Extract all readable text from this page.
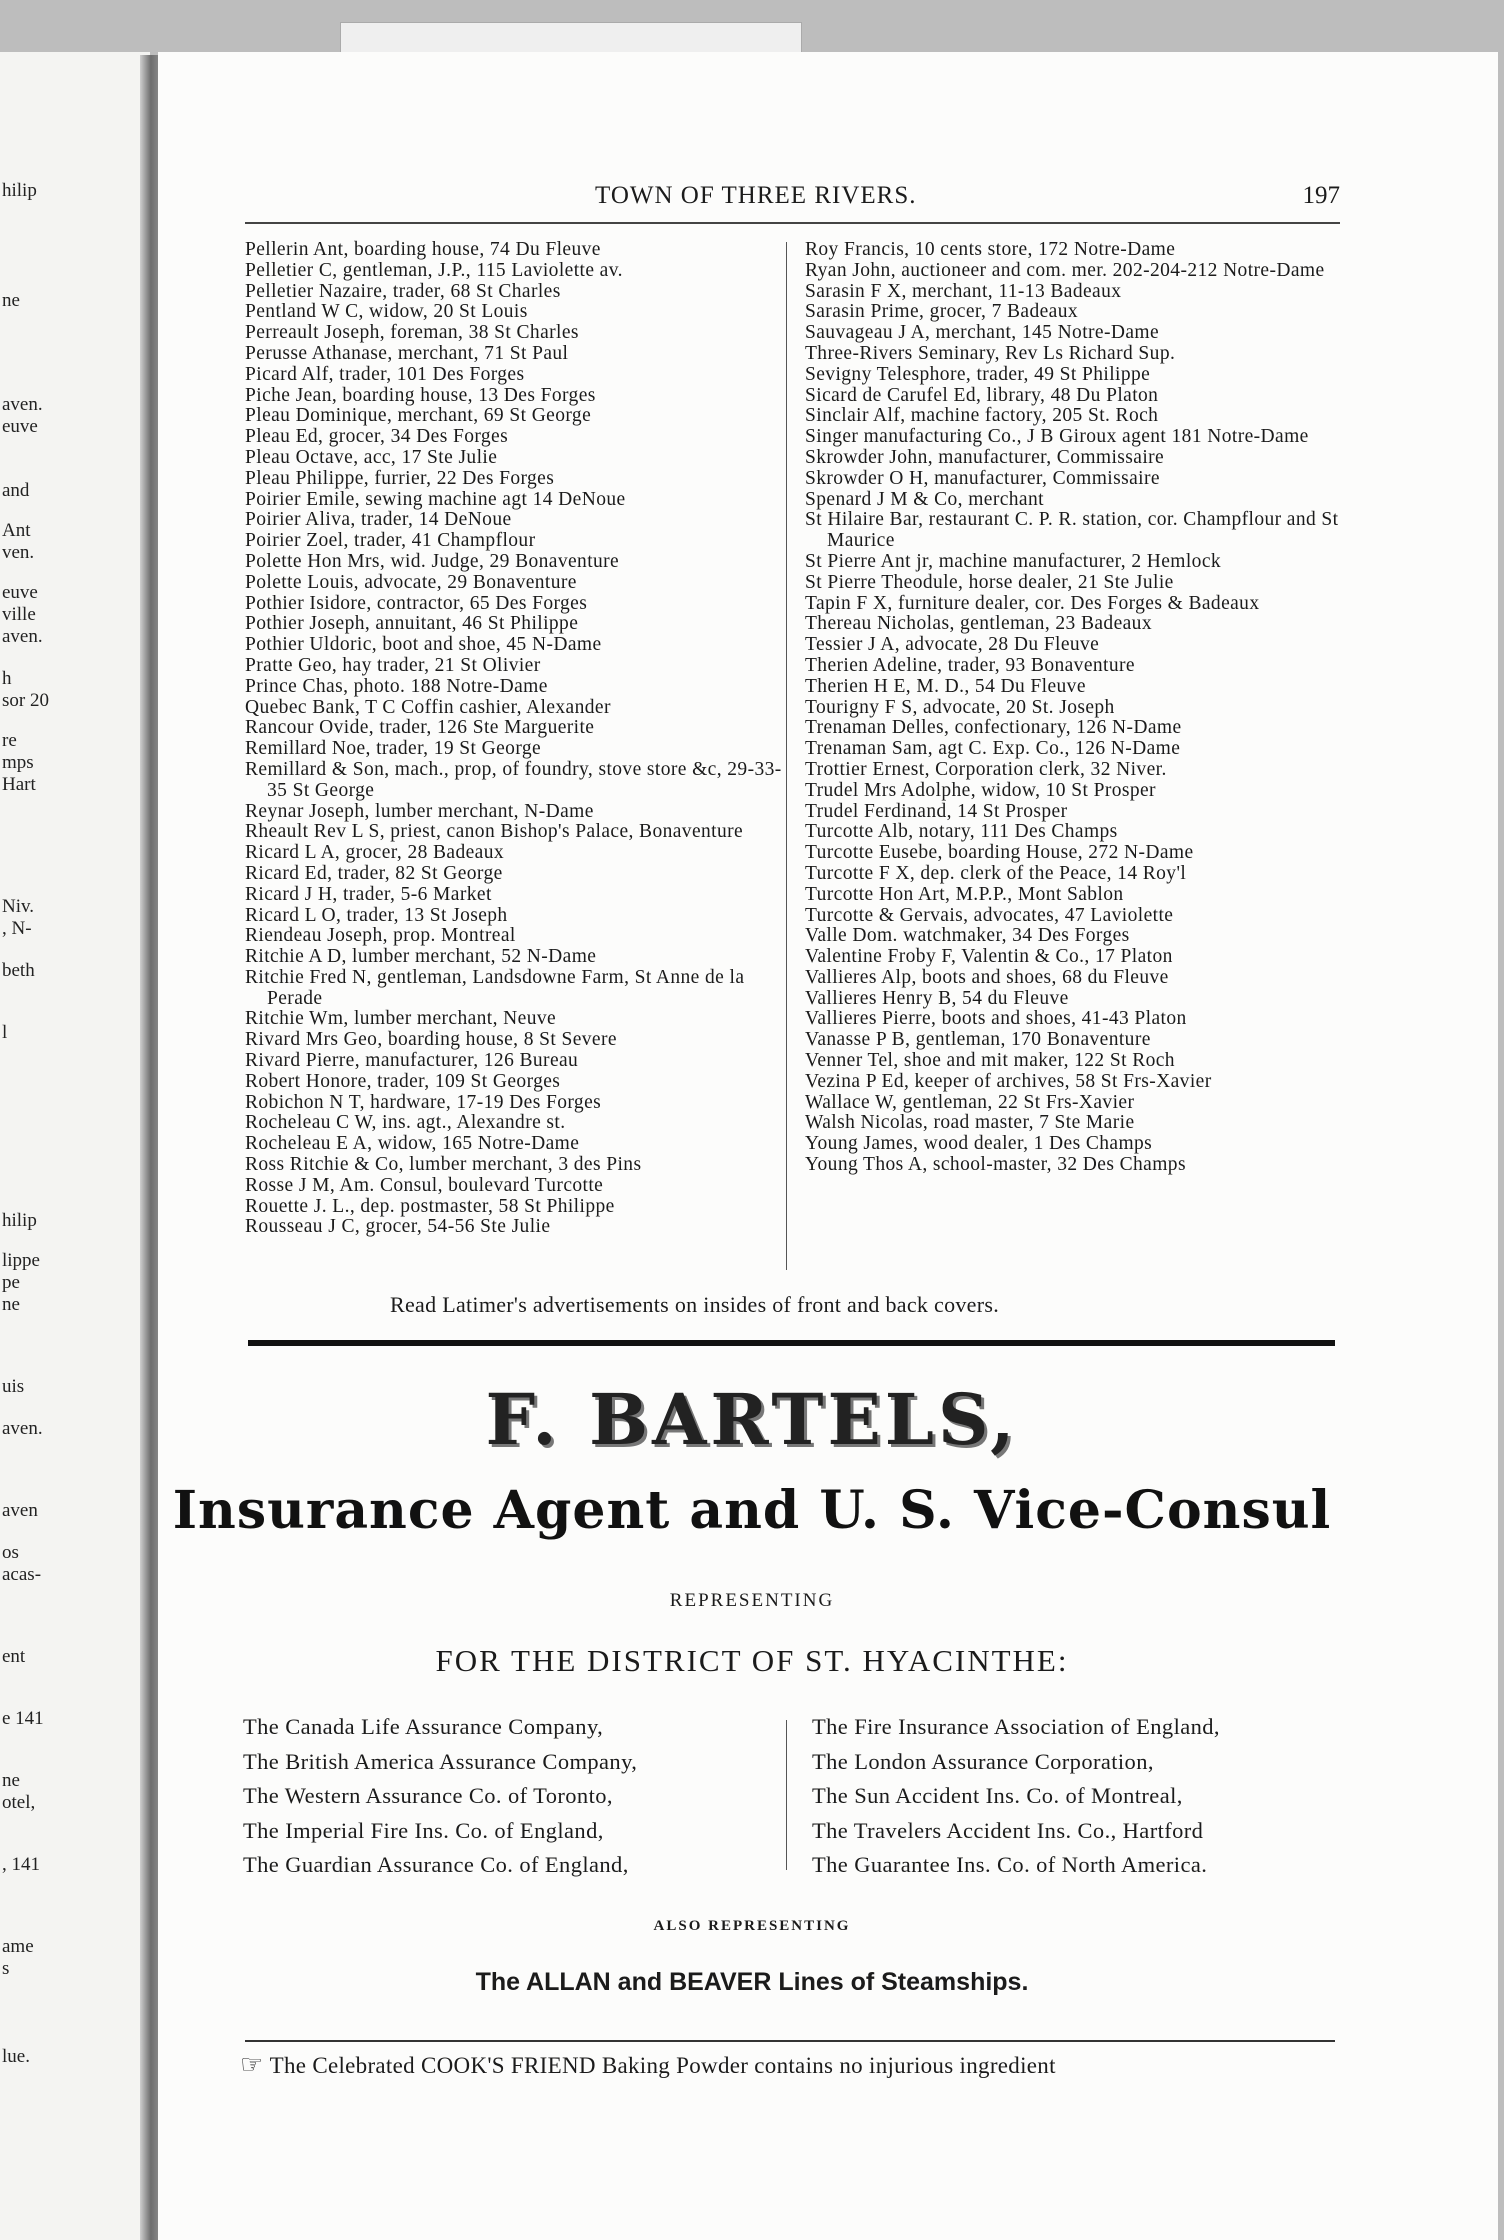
hilip
ne
aven.
euve
and
Ant
ven.
euve
ville
aven.
h
sor 20
re
mps
Hart
Niv.
, N-
beth
l
hilip
lippe
pe
ne
uis
aven.
aven
os
acas-
ent
e 141
ne
otel,
, 141
ame
s
lue.
TOWN OF THREE RIVERS.	197
Pellerin Ant, boarding house, 74 Du Fleuve
Pelletier C, gentleman, J.P., 115 Laviolette av.
Pelletier Nazaire, trader, 68 St Charles
Pentland W C, widow, 20 St Louis
Perreault Joseph, foreman, 38 St Charles
Perusse Athanase, merchant, 71 St Paul
Picard Alf, trader, 101 Des Forges
Piche Jean, boarding house, 13 Des Forges
Pleau Dominique, merchant, 69 St George
Pleau Ed, grocer, 34 Des Forges
Pleau Octave, acc, 17 Ste Julie
Pleau Philippe, furrier, 22 Des Forges
Poirier Emile, sewing machine agt 14 DeNoue
Poirier Aliva, trader, 14 DeNoue
Poirier Zoel, trader, 41 Champflour
Polette Hon Mrs, wid. Judge, 29 Bonaventure
Polette Louis, advocate, 29 Bonaventure
Pothier Isidore, contractor, 65 Des Forges
Pothier Joseph, annuitant, 46 St Philippe
Pothier Uldoric, boot and shoe, 45 N-Dame
Pratte Geo, hay trader, 21 St Olivier
Prince Chas, photo. 188 Notre-Dame
Quebec Bank, T C Coffin cashier, Alexander
Rancour Ovide, trader, 126 Ste Marguerite
Remillard Noe, trader, 19 St George
Remillard & Son, mach., prop, of foundry, stove store &c, 29-33-35 St George
Reynar Joseph, lumber merchant, N-Dame
Rheault Rev L S, priest, canon Bishop's Palace, Bonaventure
Ricard L A, grocer, 28 Badeaux
Ricard Ed, trader, 82 St George
Ricard J H, trader, 5-6 Market
Ricard L O, trader, 13 St Joseph
Riendeau Joseph, prop. Montreal
Ritchie A D, lumber merchant, 52 N-Dame
Ritchie Fred N, gentleman, Landsdowne Farm, St Anne de la Perade
Ritchie Wm, lumber merchant, Neuve
Rivard Mrs Geo, boarding house, 8 St Severe
Rivard Pierre, manufacturer, 126 Bureau
Robert Honore, trader, 109 St Georges
Robichon N T, hardware, 17-19 Des Forges
Rocheleau C W, ins. agt., Alexandre st.
Rocheleau E A, widow, 165 Notre-Dame
Ross Ritchie & Co, lumber merchant, 3 des Pins
Rosse J M, Am. Consul, boulevard Turcotte
Rouette J. L., dep. postmaster, 58 St Philippe
Rousseau J C, grocer, 54-56 Ste Julie
Roy Francis, 10 cents store, 172 Notre-Dame
Ryan John, auctioneer and com. mer. 202-204-212 Notre-Dame
Sarasin F X, merchant, 11-13 Badeaux
Sarasin Prime, grocer, 7 Badeaux
Sauvageau J A, merchant, 145 Notre-Dame
Three-Rivers Seminary, Rev Ls Richard Sup.
Sevigny Telesphore, trader, 49 St Philippe
Sicard de Carufel Ed, library, 48 Du Platon
Sinclair Alf, machine factory, 205 St. Roch
Singer manufacturing Co., J B Giroux agent 181 Notre-Dame
Skrowder John, manufacturer, Commissaire
Skrowder O H, manufacturer, Commissaire
Spenard J M & Co, merchant
St Hilaire Bar, restaurant C. P. R. station, cor. Champflour and St Maurice
St Pierre Ant jr, machine manufacturer, 2 Hemlock
St Pierre Theodule, horse dealer, 21 Ste Julie
Tapin F X, furniture dealer, cor. Des Forges & Badeaux
Thereau Nicholas, gentleman, 23 Badeaux
Tessier J A, advocate, 28 Du Fleuve
Therien Adeline, trader, 93 Bonaventure
Therien H E, M. D., 54 Du Fleuve
Tourigny F S, advocate, 20 St. Joseph
Trenaman Delles, confectionary, 126 N-Dame
Trenaman Sam, agt C. Exp. Co., 126 N-Dame
Trottier Ernest, Corporation clerk, 32 Niver.
Trudel Mrs Adolphe, widow, 10 St Prosper
Trudel Ferdinand, 14 St Prosper
Turcotte Alb, notary, 111 Des Champs
Turcotte Eusebe, boarding House, 272 N-Dame
Turcotte F X, dep. clerk of the Peace, 14 Roy'l
Turcotte Hon Art, M.P.P., Mont Sablon
Turcotte & Gervais, advocates, 47 Laviolette
Valle Dom. watchmaker, 34 Des Forges
Valentine Froby F, Valentin & Co., 17 Platon
Vallieres Alp, boots and shoes, 68 du Fleuve
Vallieres Henry B, 54 du Fleuve
Vallieres Pierre, boots and shoes, 41-43 Platon
Vanasse P B, gentleman, 170 Bonaventure
Venner Tel, shoe and mit maker, 122 St Roch
Vezina P Ed, keeper of archives, 58 St Frs-Xavier
Wallace W, gentleman, 22 St Frs-Xavier
Walsh Nicolas, road master, 7 Ste Marie
Young James, wood dealer, 1 Des Champs
Young Thos A, school-master, 32 Des Champs
Read Latimer's advertisements on insides of front and back covers.
F. BARTELS,
Insurance Agent and U. S. Vice-Consul
REPRESENTING
FOR THE DISTRICT OF ST. HYACINTHE:
The Canada Life Assurance Company,
The British America Assurance Company,
The Western Assurance Co. of Toronto,
The Imperial Fire Ins. Co. of England,
The Guardian Assurance Co. of England,
The Fire Insurance Association of England,
The London Assurance Corporation,
The Sun Accident Ins. Co. of Montreal,
The Travelers Accident Ins. Co., Hartford
The Guarantee Ins. Co. of North America.
ALSO REPRESENTING
The ALLAN and BEAVER Lines of Steamships.
☞ The Celebrated COOK'S FRIEND Baking Powder contains no injurious ingredient
